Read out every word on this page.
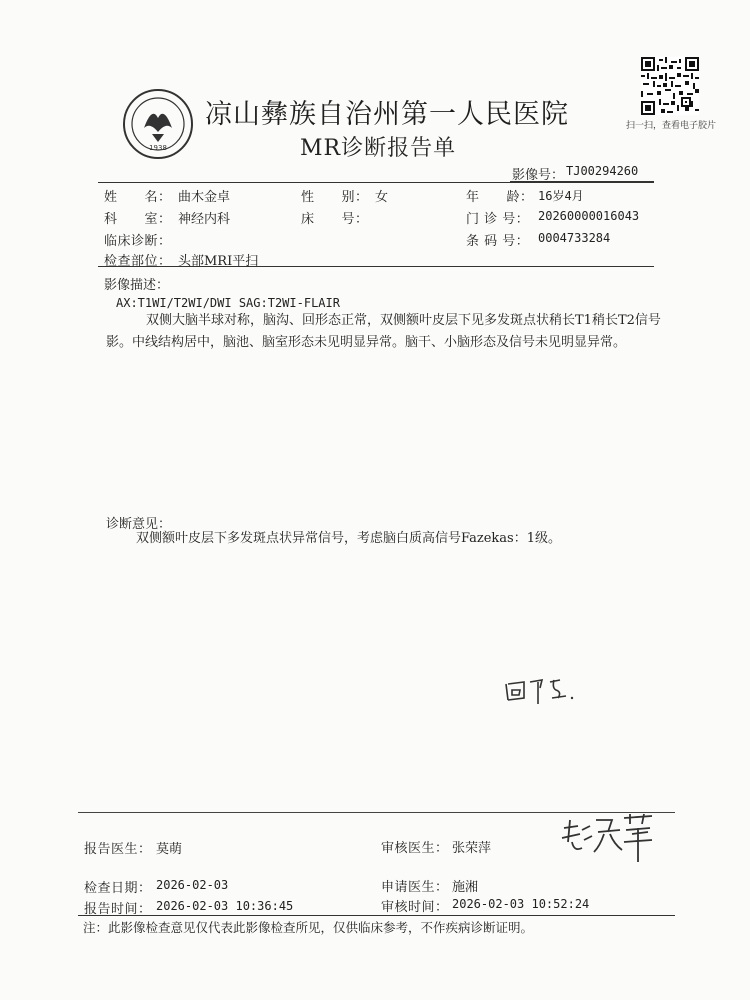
1938
凉山彝族自治州第一人民医院
MR诊断报告单
扫一扫，查看电子胶片
影像号： TJ00294260
姓　　名： 曲木金卓	性　　别： 女	年　　龄： 16岁4月
科　　室： 神经内科	床　　号：	门 诊 号： 20260000016043
临床诊断：	条 码 号： 0004733284
检查部位： 头部MRI平扫
影像描述：
AX:T1WI/T2WI/DWI SAG:T2WI-FLAIR
双侧大脑半球对称，脑沟、回形态正常，双侧额叶皮层下见多发斑点状稍长T1稍长T2信号影。中线结构居中，脑池、脑室形态未见明显异常。脑干、小脑形态及信号未见明显异常。
诊断意见：
双侧额叶皮层下多发斑点状异常信号，考虑脑白质高信号Fazekas：1级。
报告医生： 莫萌	审核医生： 张荣萍
检查日期： 2026-02-03	申请医生： 施湘
报告时间： 2026-02-03 10:36:45	审核时间： 2026-02-03 10:52:24
注：此影像检查意见仅代表此影像检查所见，仅供临床参考，不作疾病诊断证明。
